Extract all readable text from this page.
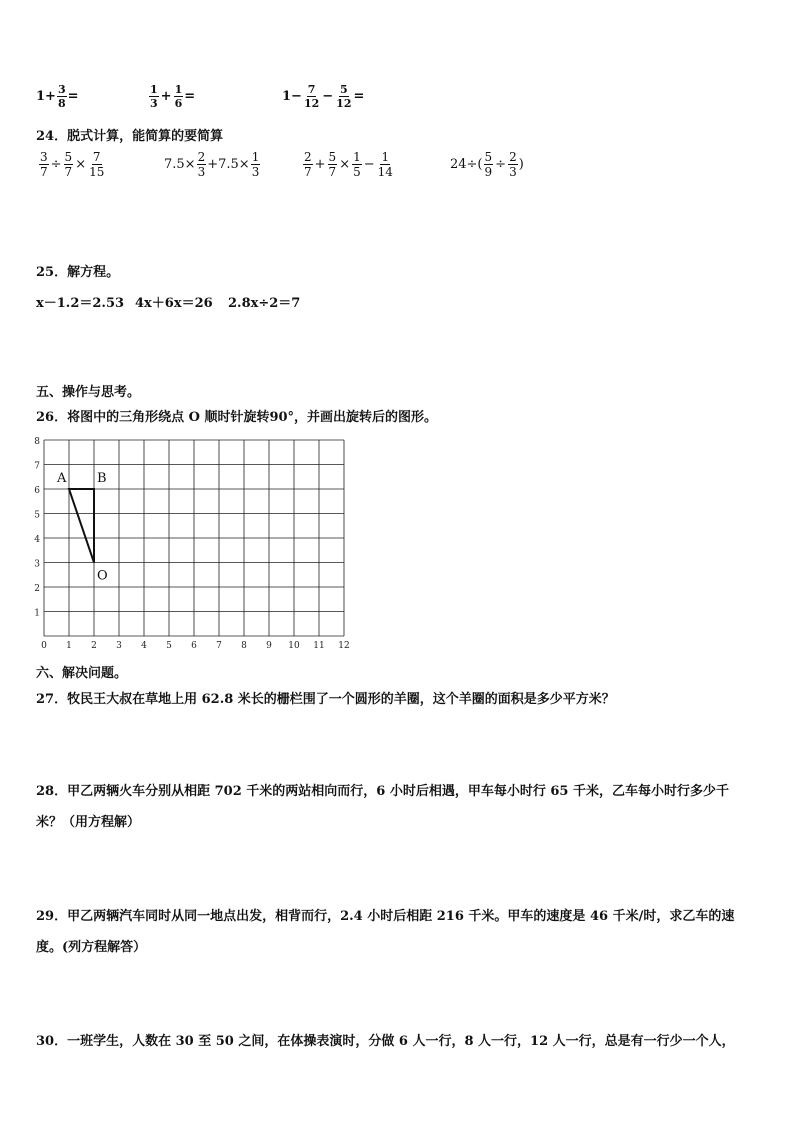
$1+ \frac{3}{8}$ =	$\frac{1}{3} + \frac{1}{6}$ =	$1- \frac{7}{12} - \frac{5}{12}$ =
24．脱式计算，能简算的要简算
$\frac{3}{7} \div \frac{5}{7} \times \frac{7}{15}$	$7.5\times \frac{2}{3} +7.5\times \frac{1}{3}$	$\frac{2}{7} + \frac{5}{7} \times \frac{1}{5} - \frac{1}{14}$	$24\div( \frac{5}{9} \div \frac{2}{3}$ )
25．解方程。
x－1.2＝2.53 4x＋6x＝26 2.8x÷2＝7
五、操作与思考。
26．将图中的三角形绕点 O 顺时针旋转90°，并画出旋转后的图形。
0 1 2 3 4 5 6 7 8 9 10 11 12
1
2
3
4
5
6
7
8
A B
O
六、解决问题。
27．牧民王大叔在草地上用 62.8 米长的栅栏围了一个圆形的羊圈，这个羊圈的面积是多少平方米？
28．甲乙两辆火车分别从相距 702 千米的两站相向而行，6 小时后相遇，甲车每小时行 65 千米，乙车每小时行多少千
米？（用方程解）
29．甲乙两辆汽车同时从同一地点出发，相背而行，2.4 小时后相距 216 千米。甲车的速度是 46 千米/时，求乙车的速
度。(列方程解答）
30．一班学生，人数在 30 至 50 之间，在体操表演时，分做 6 人一行，8 人一行，12 人一行，总是有一行少一个人，
